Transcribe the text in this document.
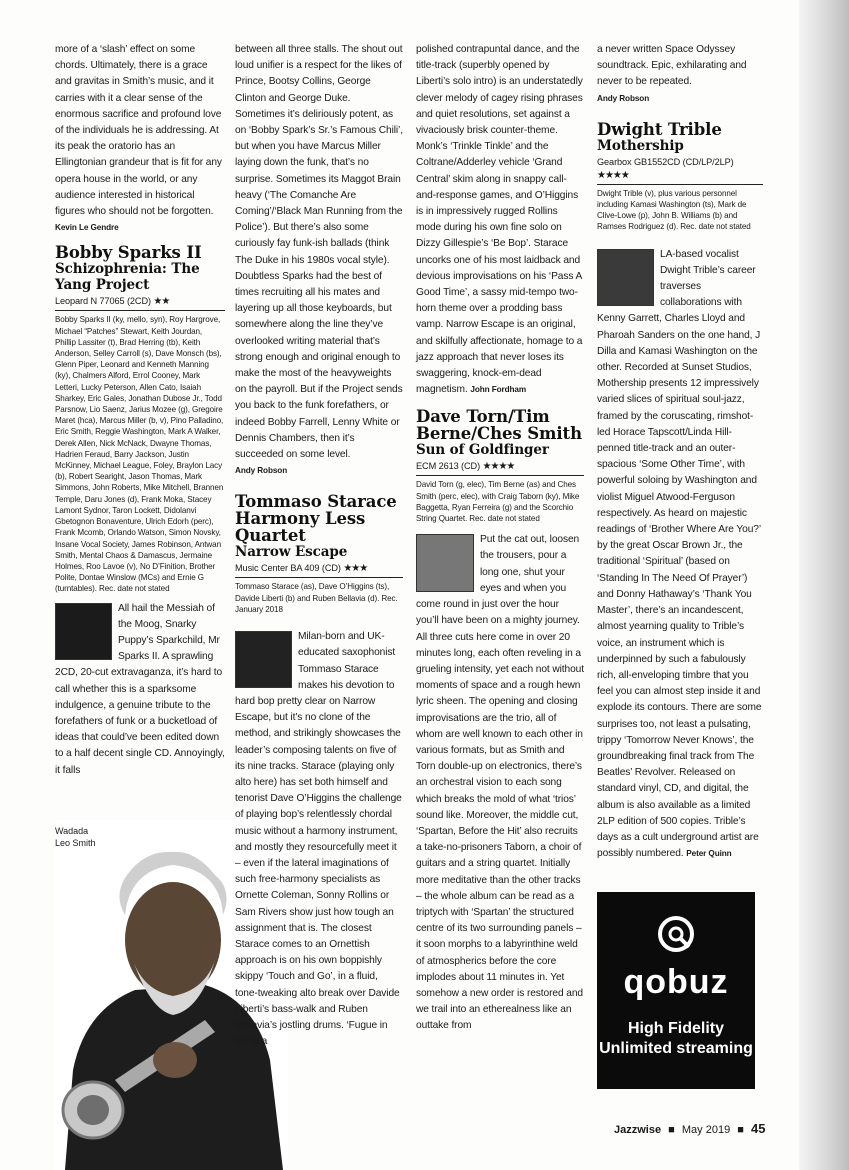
more of a ‘slash’ effect on some chords. Ultimately, there is a grace and gravitas in Smith’s music, and it carries with it a clear sense of the enormous sacrifice and profound love of the individuals he is addressing. At its peak the oratorio has an Ellingtonian grandeur that is fit for any opera house in the world, or any audience interested in historical figures who should not be forgotten. Kevin Le Gendre

Bobby Sparks II
Schizophrenia: The Yang Project
Leopard N 77065 (2CD) ★★
Bobby Sparks II (ky, mello, syn), Roy Hargrove, Michael “Patches” Stewart, Keith Jourdan, Phillip Lassiter (t), Brad Herring (tb), Keith Anderson, Selley Carroll (s), Dave Monsch (bs), Glenn Piper, Leonard and Kenneth Manning (ky), Chalmers Alford, Errol Cooney, Mark Letteri, Lucky Peterson, Allen Cato, Isaiah Sharkey, Eric Gales, Jonathan Dubose Jr., Todd Parsnow, Lio Saenz, Jarius Mozee (g), Gregoire Maret (hca), Marcus Miller (b, v), Pino Palladino, Eric Smith, Reggie Washington, Mark A Walker, Derek Allen, Nick McNack, Dwayne Thomas, Hadrien Feraud, Barry Jackson, Justin McKinney, Michael League, Foley, Braylon Lacy (b), Robert Searight, Jason Thomas, Mark Simmons, John Roberts, Mike Mitchell, Brannen Temple, Daru Jones (d), Frank Moka, Stacey Lamont Sydnor, Taron Lockett, Didolanvi Gbetognon Bonaventure, Ulrich Edorh (perc), Frank Mcomb, Orlando Watson, Simon Novsky, Insane Vocal Society, James Robinson, Antwan Smith, Mental Chaos & Damascus, Jermaine Holmes, Roo Lavoe (v), No D’Finition, Brother Polite, Dontae Winslow (MCs) and Ernie G (turntables). Rec. date not stated

All hail the Messiah of the Moog, Snarky Puppy’s Sparkchild, Mr Sparks II. A sprawling 2CD, 20-cut extravaganza, it’s hard to call whether this is a sparksome indulgence, a genuine tribute to the forefathers of funk or a bucketload of ideas that could’ve been edited down to a half decent single CD. Annoyingly, it falls

Wadada
Leo Smith

between all three stalls. The shout out loud unifier is a respect for the likes of Prince, Bootsy Collins, George Clinton and George Duke. Sometimes it’s deliriously potent, as on ‘Bobby Spark’s Sr.’s Famous Chili’, but when you have Marcus Miller laying down the funk, that’s no surprise. Sometimes its Maggot Brain heavy (‘The Comanche Are Coming’/‘Black Man Running from the Police’). But there’s also some curiously fay funk-ish ballads (think The Duke in his 1980s vocal style). Doubtless Sparks had the best of times recruiting all his mates and layering up all those keyboards, but somewhere along the line they’ve overlooked writing material that’s strong enough and original enough to make the most of the heavyweights on the payroll. But if the Project sends you back to the funk forefathers, or indeed Bobby Farrell, Lenny White or Dennis Chambers, then it’s succeeded on some level.
Andy Robson

Tommaso Starace Harmony Less Quartet
Narrow Escape
Music Center BA 409 (CD) ★★★
Tommaso Starace (as), Dave O’Higgins (ts), Davide Liberti (b) and Ruben Bellavia (d). Rec. January 2018

Milan-born and UK-educated saxophonist Tommaso Starace makes his devotion to hard bop pretty clear on Narrow Escape, but it’s no clone of the method, and strikingly showcases the leader’s composing talents on five of its nine tracks. Starace (playing only alto here) has set both himself and tenorist Dave O’Higgins the challenge of playing bop’s relentlessly chordal music without a harmony instrument, and mostly they resourcefully meet it – even if the lateral imaginations of such free-harmony specialists as Ornette Coleman, Sonny Rollins or Sam Rivers show just how tough an assignment that is. The closest Starace comes to an Ornettish approach is on his own boppishly skippy ‘Touch and Go’, in a fluid, tone-tweaking alto break over Davide Liberti’s bass-walk and Ruben Bellavia’s jostling drums. ‘Fugue in Eb’ is a

polished contrapuntal dance, and the title-track (superbly opened by Liberti’s solo intro) is an understatedly clever melody of cagey rising phrases and quiet resolutions, set against a vivaciously brisk counter-theme. Monk’s ‘Trinkle Tinkle’ and the Coltrane/Adderley vehicle ‘Grand Central’ skim along in snappy call-and-response games, and O’Higgins is in impressively rugged Rollins mode during his own fine solo on Dizzy Gillespie’s ‘Be Bop’. Starace uncorks one of his most laidback and devious improvisations on his ‘Pass A Good Time’, a sassy mid-tempo two-horn theme over a prodding bass vamp. Narrow Escape is an original, and skilfully affectionate, homage to a jazz approach that never loses its swaggering, knock-em-dead magnetism. John Fordham

Dave Torn/Tim Berne/Ches Smith
Sun of Goldfinger
ECM 2613 (CD) ★★★★
David Torn (g, elec), Tim Berne (as) and Ches Smith (perc, elec), with Craig Taborn (ky), Mike Baggetta, Ryan Ferreira (g) and the Scorchio String Quartet. Rec. date not stated

Put the cat out, loosen the trousers, pour a long one, shut your eyes and when you come round in just over the hour you’ll have been on a mighty journey. All three cuts here come in over 20 minutes long, each often reveling in a grueling intensity, yet each not without moments of space and a rough hewn lyric sheen. The opening and closing improvisations are the trio, all of whom are well known to each other in various formats, but as Smith and Torn double-up on electronics, there’s an orchestral vision to each song which breaks the mold of what ‘trios’ sound like. Moreover, the middle cut, ‘Spartan, Before the Hit’ also recruits a take-no-prisoners Taborn, a choir of guitars and a string quartet. Initially more meditative than the other tracks – the whole album can be read as a triptych with ‘Spartan’ the structured centre of its two surrounding panels – it soon morphs to a labyrinthine weld of atmospherics before the core implodes about 11 minutes in. Yet somehow a new order is restored and we trail into an etherealness like an outtake from

a never written Space Odyssey soundtrack. Epic, exhilarating and never to be repeated.
Andy Robson

Dwight Trible
Mothership
Gearbox GB1552CD (CD/LP/2LP)
★★★★
Dwight Trible (v), plus various personnel including Kamasi Washington (ts), Mark de Clive-Lowe (p), John B. Williams (b) and Ramses Rodriguez (d). Rec. date not stated

LA-based vocalist Dwight Trible’s career traverses collaborations with Kenny Garrett, Charles Lloyd and Pharoah Sanders on the one hand, J Dilla and Kamasi Washington on the other. Recorded at Sunset Studios, Mothership presents 12 impressively varied slices of spiritual soul-jazz, framed by the coruscating, rimshot-led Horace Tapscott/Linda Hill-penned title-track and an outer-spacious ‘Some Other Time’, with powerful soloing by Washington and violist Miguel Atwood-Ferguson respectively. As heard on majestic readings of ‘Brother Where Are You?’ by the great Oscar Brown Jr., the traditional ‘Spiritual’ (based on ‘Standing In The Need Of Prayer’) and Donny Hathaway’s ‘Thank You Master’, there’s an incandescent, almost yearning quality to Trible’s voice, an instrument which is underpinned by such a fabulously rich, all-enveloping timbre that you feel you can almost step inside it and explode its contours. There are some surprises too, not least a pulsating, trippy ‘Tomorrow Never Knows’, the groundbreaking final track from The Beatles’ Revolver. Released on standard vinyl, CD, and digital, the album is also available as a limited 2LP edition of 500 copies. Trible’s days as a cult underground artist are possibly numbered. Peter Quinn

qobuz
High Fidelity
Unlimited streaming
Jazzwise ■ May 2019 ■ 45
